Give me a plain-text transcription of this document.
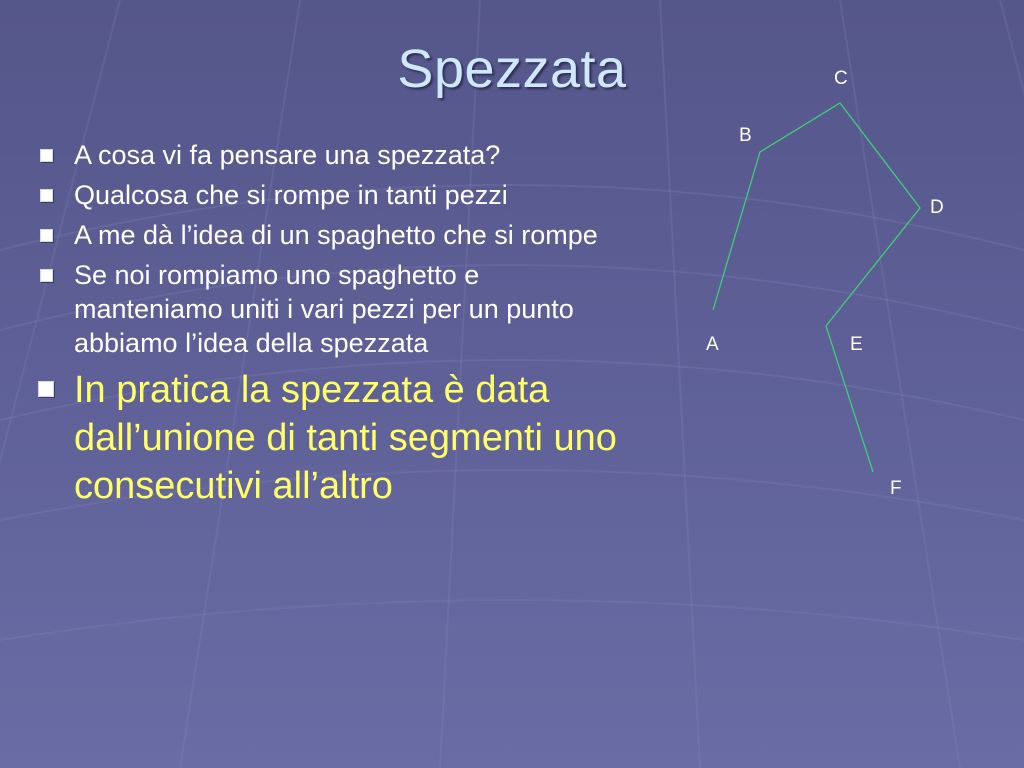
Spezzata
A cosa vi fa pensare una spezzata?
Qualcosa che si rompe in tanti pezzi
A me dà l’idea di un spaghetto che si rompe
Se noi rompiamo uno spaghetto e manteniamo uniti i vari pezzi per un punto abbiamo l’idea della spezzata
In pratica la spezzata è data dall’unione di tanti segmenti uno consecutivi all’altro
A
B
C
D
E
F
